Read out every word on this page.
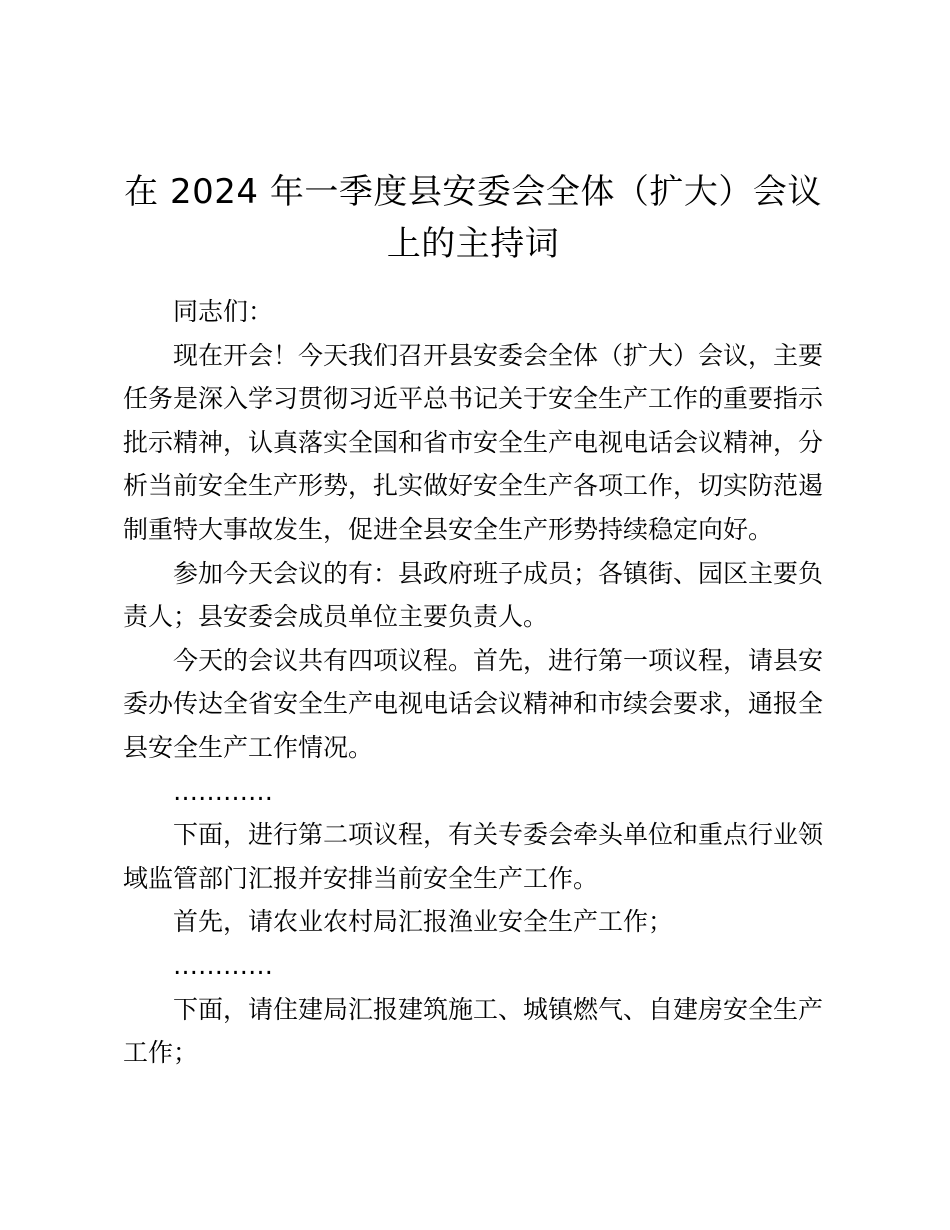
在 2024 年一季度县安委会全体（扩大）会议
上的主持词

同志们：

现在开会！今天我们召开县安委会全体（扩大）会议，主要任务是深入学习贯彻习近平总书记关于安全生产工作的重要指示批示精神，认真落实全国和省市安全生产电视电话会议精神，分析当前安全生产形势，扎实做好安全生产各项工作，切实防范遏制重特大事故发生，促进全县安全生产形势持续稳定向好。

参加今天会议的有：县政府班子成员；各镇街、园区主要负责人；县安委会成员单位主要负责人。

今天的会议共有四项议程。首先，进行第一项议程，请县安委办传达全省安全生产电视电话会议精神和市续会要求，通报全县安全生产工作情况。

…………

下面，进行第二项议程，有关专委会牵头单位和重点行业领域监管部门汇报并安排当前安全生产工作。

首先，请农业农村局汇报渔业安全生产工作；

…………

下面，请住建局汇报建筑施工、城镇燃气、自建房安全生产工作；
